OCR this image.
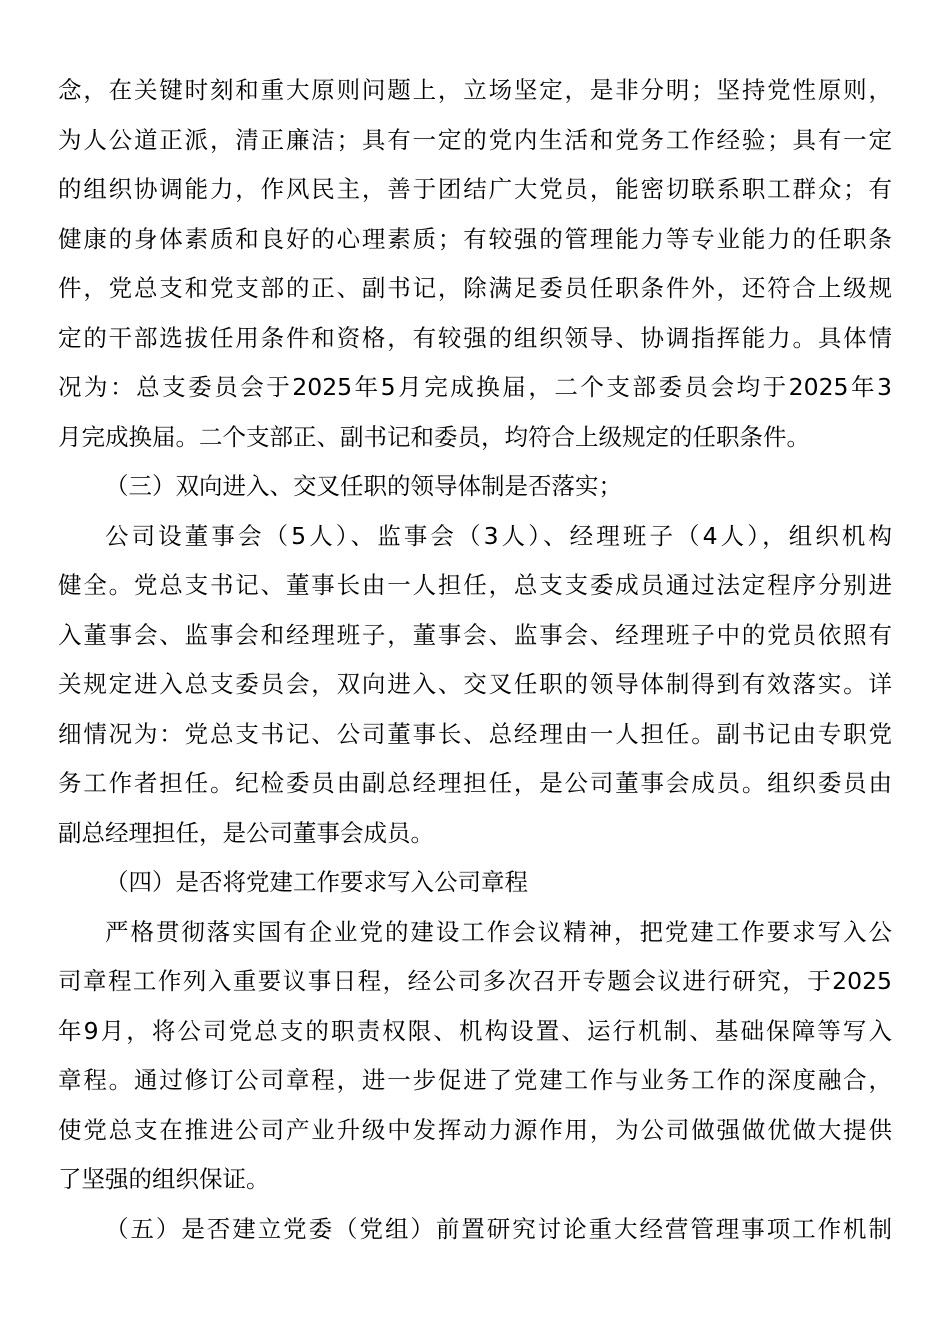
念，在关键时刻和重大原则问题上，立场坚定，是非分明；坚持党性原则，
为人公道正派，清正廉洁；具有一定的党内生活和党务工作经验；具有一定
的组织协调能力，作风民主，善于团结广大党员，能密切联系职工群众；有
健康的身体素质和良好的心理素质；有较强的管理能力等专业能力的任职条
件，党总支和党支部的正、副书记，除满足委员任职条件外，还符合上级规
定的干部选拔任用条件和资格，有较强的组织领导、协调指挥能力。具体情
况为：总支委员会于2025年5月完成换届，二个支部委员会均于2025年3
月完成换届。二个支部正、副书记和委员，均符合上级规定的任职条件。
（三）双向进入、交叉任职的领导体制是否落实；
公司设董事会（5人）、监事会（3人）、经理班子（4人），组织机构
健全。党总支书记、董事长由一人担任，总支支委成员通过法定程序分别进
入董事会、监事会和经理班子，董事会、监事会、经理班子中的党员依照有
关规定进入总支委员会，双向进入、交叉任职的领导体制得到有效落实。详
细情况为：党总支书记、公司董事长、总经理由一人担任。副书记由专职党
务工作者担任。纪检委员由副总经理担任，是公司董事会成员。组织委员由
副总经理担任，是公司董事会成员。
（四）是否将党建工作要求写入公司章程
严格贯彻落实国有企业党的建设工作会议精神，把党建工作要求写入公
司章程工作列入重要议事日程，经公司多次召开专题会议进行研究，于2025
年9月，将公司党总支的职责权限、机构设置、运行机制、基础保障等写入
章程。通过修订公司章程，进一步促进了党建工作与业务工作的深度融合，
使党总支在推进公司产业升级中发挥动力源作用，为公司做强做优做大提供
了坚强的组织保证。
（五）是否建立党委（党组）前置研究讨论重大经营管理事项工作机制
